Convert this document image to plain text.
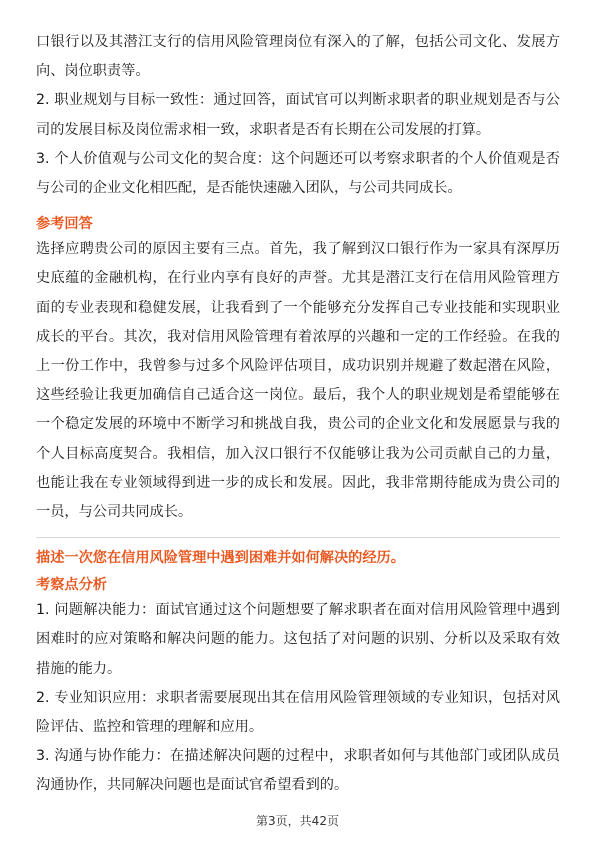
口银行以及其潜江支行的信用风险管理岗位有深入的了解，包括公司文化、发展方向、岗位职责等。

2. 职业规划与目标一致性：通过回答，面试官可以判断求职者的职业规划是否与公司的发展目标及岗位需求相一致，求职者是否有长期在公司发展的打算。

3. 个人价值观与公司文化的契合度：这个问题还可以考察求职者的个人价值观是否与公司的企业文化相匹配，是否能快速融入团队，与公司共同成长。

参考回答

选择应聘贵公司的原因主要有三点。首先，我了解到汉口银行作为一家具有深厚历史底蕴的金融机构，在行业内享有良好的声誉。尤其是潜江支行在信用风险管理方面的专业表现和稳健发展，让我看到了一个能够充分发挥自己专业技能和实现职业成长的平台。其次，我对信用风险管理有着浓厚的兴趣和一定的工作经验。在我的上一份工作中，我曾参与过多个风险评估项目，成功识别并规避了数起潜在风险，这些经验让我更加确信自己适合这一岗位。最后，我个人的职业规划是希望能够在一个稳定发展的环境中不断学习和挑战自我，贵公司的企业文化和发展愿景与我的个人目标高度契合。我相信，加入汉口银行不仅能够让我为公司贡献自己的力量，也能让我在专业领域得到进一步的成长和发展。因此，我非常期待能成为贵公司的一员，与公司共同成长。

描述一次您在信用风险管理中遇到困难并如何解决的经历。
考察点分析

1. 问题解决能力：面试官通过这个问题想要了解求职者在面对信用风险管理中遇到困难时的应对策略和解决问题的能力。这包括了对问题的识别、分析以及采取有效措施的能力。

2. 专业知识应用：求职者需要展现出其在信用风险管理领域的专业知识，包括对风险评估、监控和管理的理解和应用。

3. 沟通与协作能力：在描述解决问题的过程中，求职者如何与其他部门或团队成员沟通协作，共同解决问题也是面试官希望看到的。

第3页，共42页
